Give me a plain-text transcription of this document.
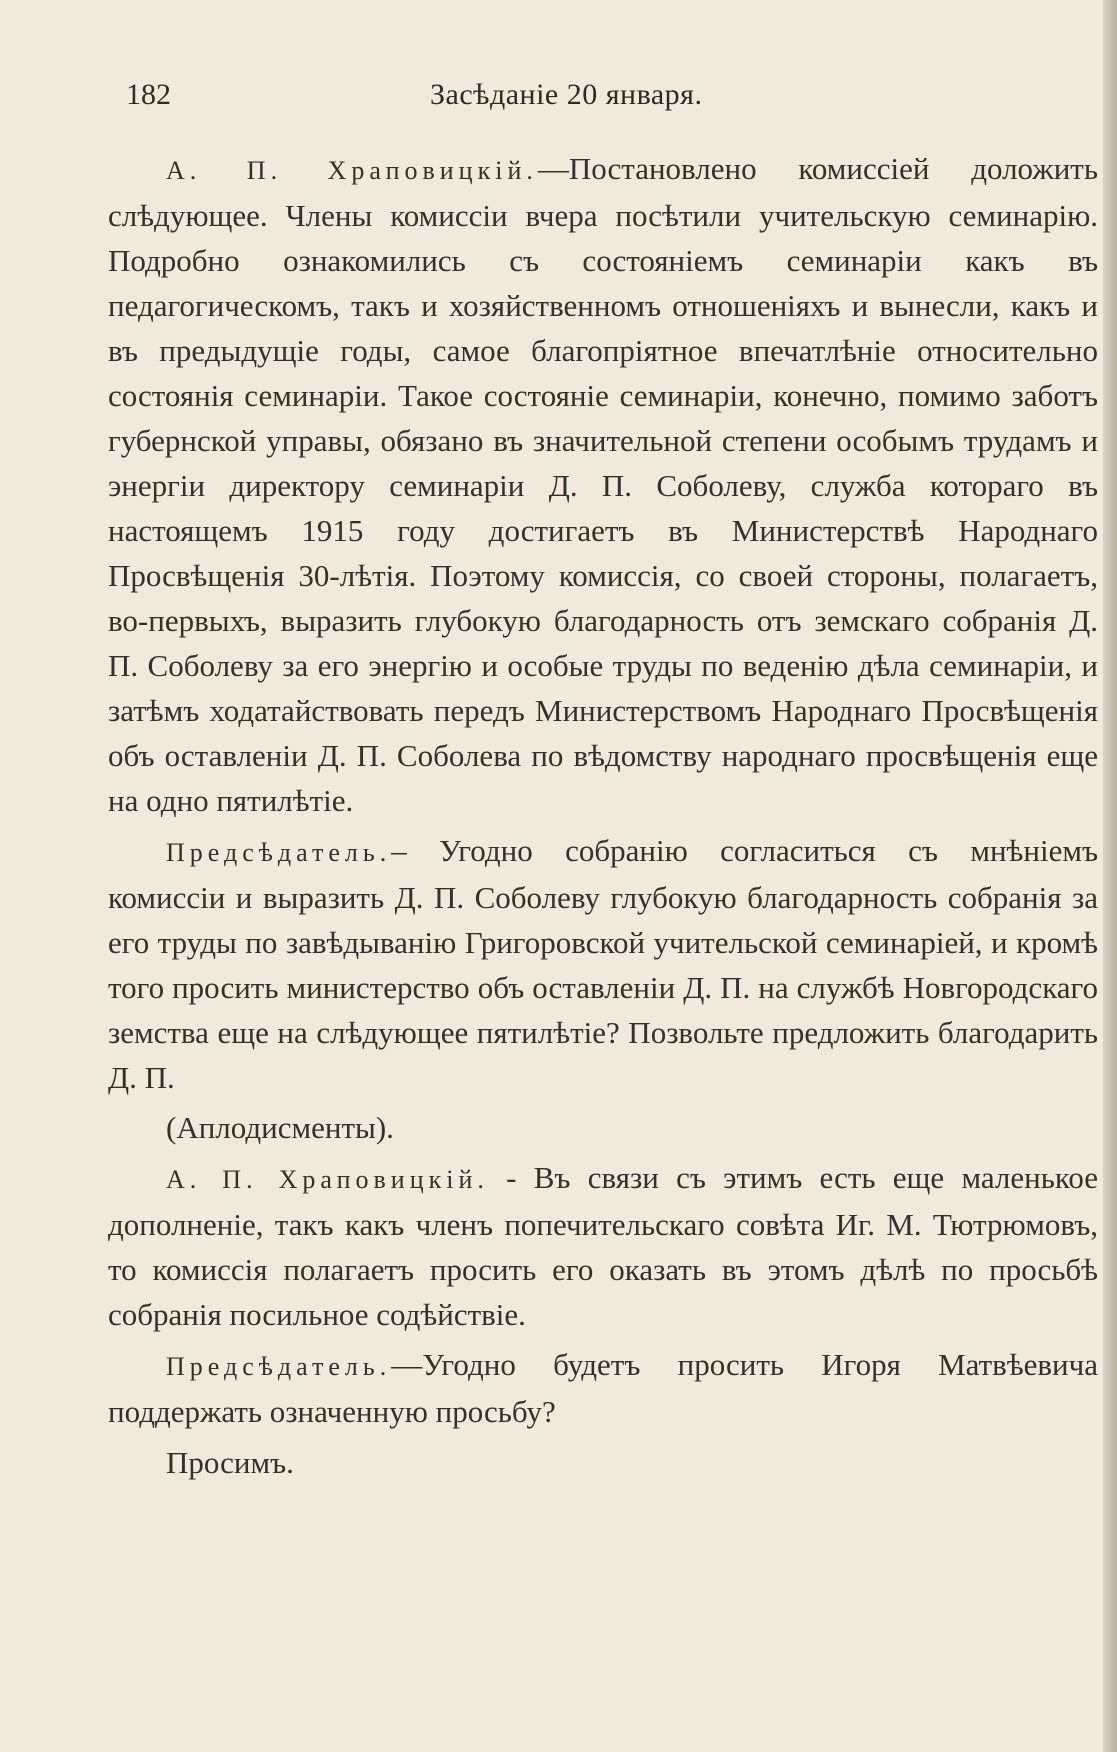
182	Засѣданіе 20 января.

А. П. Храповицкій.—Постановлено комиссіей доложить слѣдующее. Члены комиссіи вчера посѣтили учительскую семинарію. Подробно ознакомились съ состояніемъ семинаріи какъ въ педагогическомъ, такъ и хозяйственномъ отношеніяхъ и вынесли, какъ и въ предыдущіе годы, самое благопріятное впечатлѣніе относительно состоянія семинаріи. Такое состояніе семинаріи, конечно, помимо заботъ губернской управы, обязано въ значительной степени особымъ трудамъ и энергіи директору семинаріи Д. П. Соболеву, служба котораго въ настоящемъ 1915 году достигаетъ въ Министерствѣ Народнаго Просвѣщенія 30-лѣтія. Поэтому комиссія, со своей стороны, полагаетъ, во-первыхъ, выразить глубокую благодарность отъ земскаго собранія Д. П. Соболеву за его энергію и особые труды по веденію дѣла семинаріи, и затѣмъ ходатайствовать передъ Министерствомъ Народнаго Просвѣщенія объ оставленіи Д. П. Соболева по вѣдомству народнаго просвѣщенія еще на одно пятилѣтіе.

Предсѣдатель.– Угодно собранію согласиться съ мнѣніемъ комиссіи и выразить Д. П. Соболеву глубокую благодарность собранія за его труды по завѣдыванію Григоровской учительской семинаріей, и кромѣ того просить министерство объ оставленіи Д. П. на службѣ Новгородскаго земства еще на слѣдующее пятилѣтіе? Позвольте предложить благодарить Д. П.

(Аплодисменты).

А. П. Храповицкій. - Въ связи съ этимъ есть еще маленькое дополненіе, такъ какъ членъ попечительскаго совѣта Иг. М. Тютрюмовъ, то комиссія полагаетъ просить его оказать въ этомъ дѣлѣ по просьбѣ собранія посильное содѣйствіе.

Предсѣдатель.—Угодно будетъ просить Игоря Матвѣевича поддержать означенную просьбу?

Просимъ.
